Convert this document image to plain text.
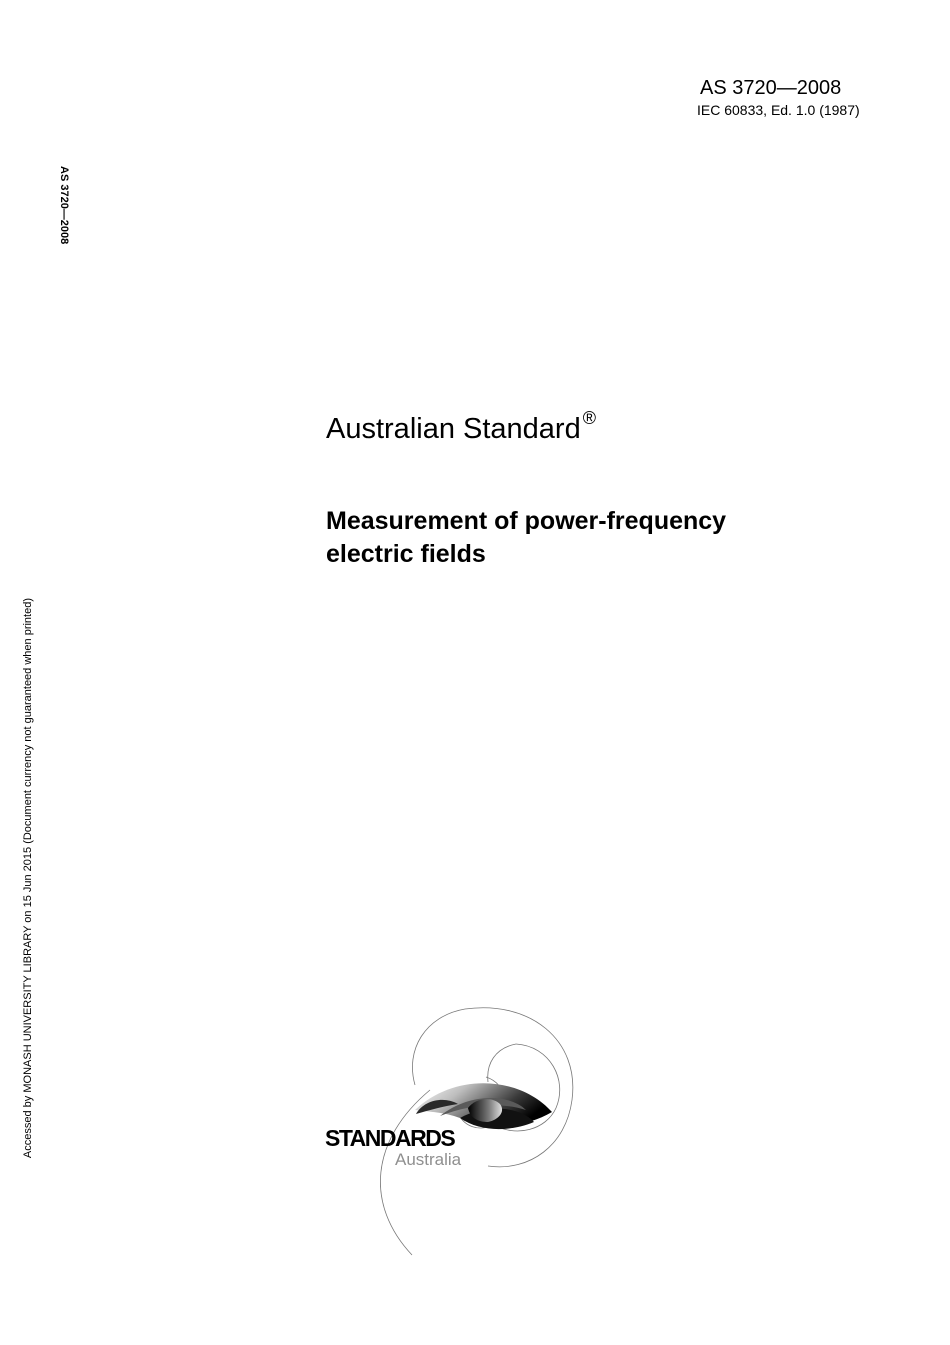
AS 3720—2008
IEC 60833, Ed. 1.0 (1987)
AS 3720—2008
Accessed by MONASH UNIVERSITY LIBRARY on 15 Jun 2015 (Document currency not guaranteed when printed)
Australian Standard ®
Measurement of power-frequency
electric fields
STANDARDS
Australia
